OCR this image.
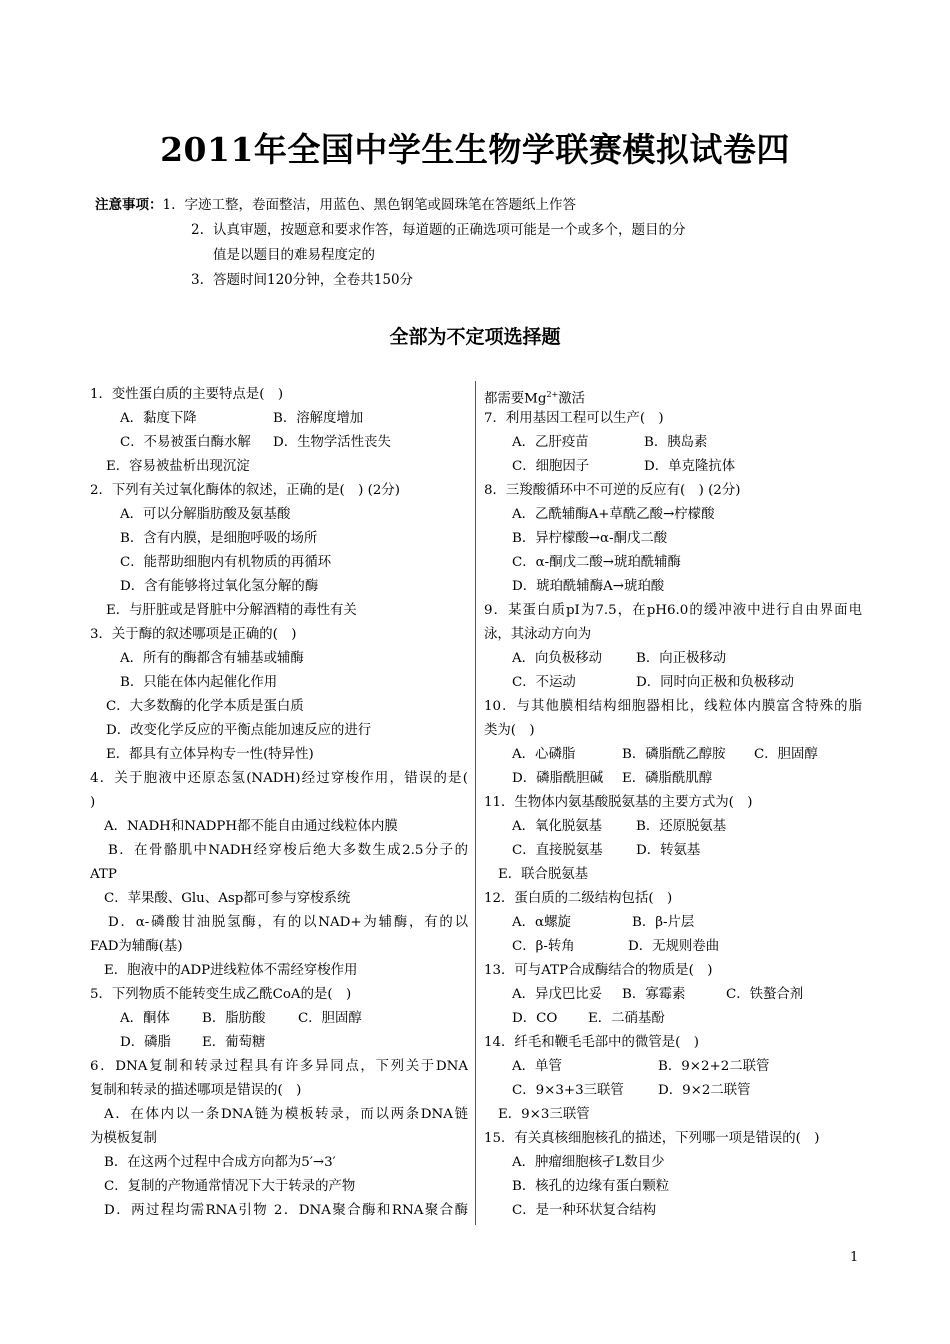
2011年全国中学生生物学联赛模拟试卷四
注意事项：1. 字迹工整，卷面整洁，用蓝色、黑色钢笔或圆珠笔在答题纸上作答
2. 认真审题，按题意和要求作答，每道题的正确选项可能是一个或多个，题目的分
值是以题目的难易程度定的
3. 答题时间120分钟，全卷共150分
全部为不定项选择题
1．变性蛋白质的主要特点是(　)
A．黏度下降	B．溶解度增加
C．不易被蛋白酶水解 D．生物学活性丧失
E．容易被盐析出现沉淀
2．下列有关过氧化酶体的叙述，正确的是(　) (2分)
A．可以分解脂肪酸及氨基酸
B．含有内膜，是细胞呼吸的场所
C．能帮助细胞内有机物质的再循环
D．含有能够将过氧化氢分解的酶
E．与肝脏或是肾脏中分解酒精的毒性有关
3．关于酶的叙述哪项是正确的(　)
A．所有的酶都含有辅基或辅酶
B．只能在体内起催化作用
C．大多数酶的化学本质是蛋白质
D．改变化学反应的平衡点能加速反应的进行
E．都具有立体异构专一性(特异性)
4．关于胞液中还原态氢(NADH)经过穿梭作用，错误的是(
)
A．NADH和NADPH都不能自由通过线粒体内膜
B．在骨骼肌中NADH经穿梭后绝大多数生成2.5分子的
ATP
C．苹果酸、Glu、Asp都可参与穿梭系统
D．α-磷酸甘油脱氢酶，有的以NAD+为辅酶，有的以
FAD为辅酶(基)
E．胞液中的ADP进线粒体不需经穿梭作用
5．下列物质不能转变生成乙酰CoA的是(　)
A．酮体 B．脂肪酸 C．胆固醇
D．磷脂 E．葡萄糖
6．DNA复制和转录过程具有许多异同点，下列关于DNA
复制和转录的描述哪项是错误的(　)
A．在体内以一条DNA链为模板转录，而以两条DNA链
为模板复制
B．在这两个过程中合成方向都为5′→3′
C．复制的产物通常情况下大于转录的产物
D．两过程均需RNA引物 2．DNA聚合酶和RNA聚合酶
都需要$Mg^{2+}$激活
7．利用基因工程可以生产(　)
A．乙肝疫苗	B．胰岛素
C．细胞因子	D．单克隆抗体
8．三羧酸循环中不可逆的反应有(　) (2分)
A．乙酰辅酶A+草酰乙酸→柠檬酸
B．异柠檬酸→α-酮戊二酸
C．α-酮戊二酸→琥珀酰辅酶
D．琥珀酰辅酶A→琥珀酸
9．某蛋白质pI为7.5，在pH6.0的缓冲液中进行自由界面电
泳，其泳动方向为
A．向负极移动	B．向正极移动
C．不运动	D．同时向正极和负极移动
10．与其他膜相结构细胞器相比，线粒体内膜富含特殊的脂
类为(　)
A．心磷脂	B．磷脂酰乙醇胺 C．胆固醇
D．磷脂酰胆碱 E．磷脂酰肌醇
11．生物体内氨基酸脱氨基的主要方式为(　)
A．氧化脱氨基	B．还原脱氨基
C．直接脱氨基 D．转氨基
E．联合脱氨基
12．蛋白质的二级结构包括(　)
A．α螺旋	B．β-片层
C．β-转角	D．无规则卷曲
13．可与ATP合成酶结合的物质是(　)
A．异戊巴比妥 B．寡霉素	C．铁螯合剂
D．CO E．二硝基酚
14．纤毛和鞭毛毛部中的微管是(　)
A．单管	B．9×2+2二联管
C．9×3+3三联管	D．9×2二联管
E．9×3三联管
15．有关真核细胞核孔的描述，下列哪一项是错误的(　)
A．肿瘤细胞核孑L数目少
B．核孔的边缘有蛋白颗粒
C．是一种环状复合结构
1
